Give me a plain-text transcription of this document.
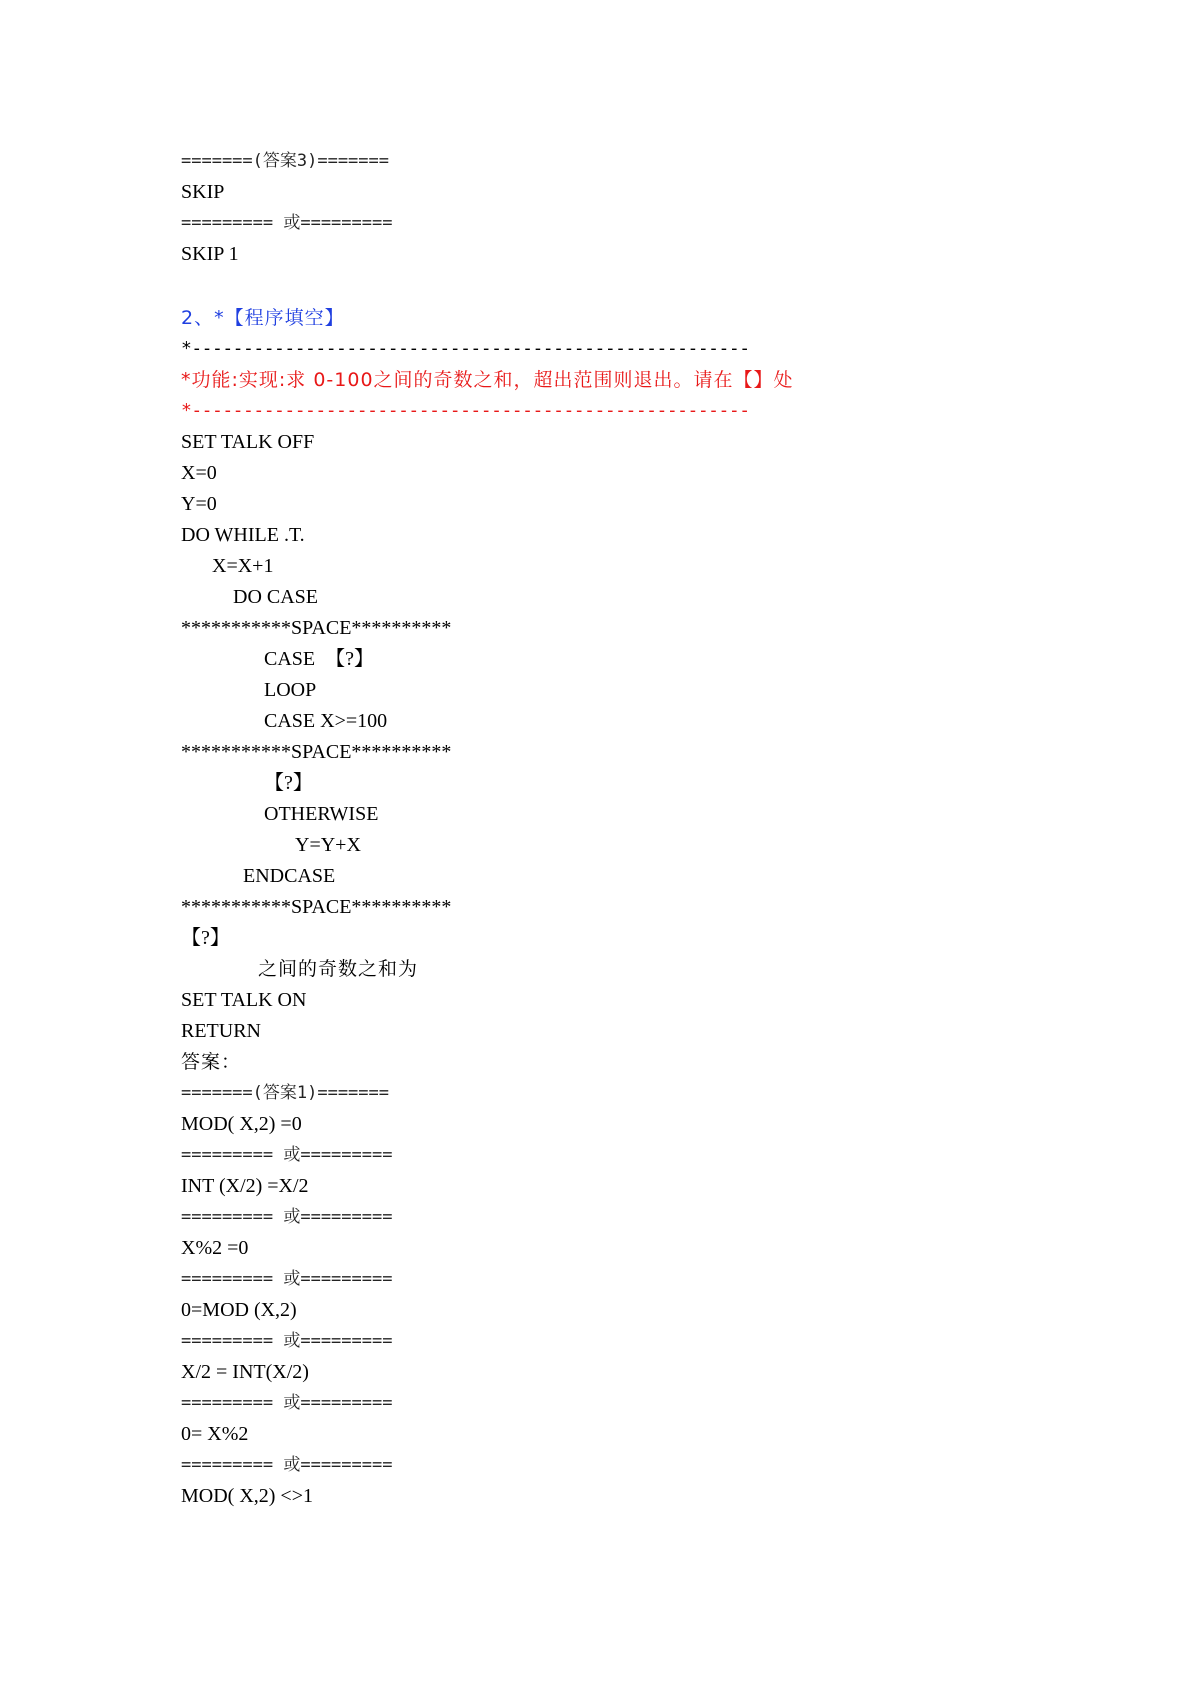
=======(答案3)=======
SKIP
========= 或=========
SKIP 1
2、*【程序填空】
*------------------------------------------------------
*功能:实现:求 0-100之间的奇数之和，超出范围则退出。请在【】处
*------------------------------------------------------
SET TALK OFF
X=0
Y=0
DO WHILE .T.
X=X+1
DO CASE
***********SPACE**********
CASE  【?】
LOOP
CASE X>=100
***********SPACE**********
【?】
OTHERWISE
Y=Y+X
ENDCASE
***********SPACE**********
【?】
之间的奇数之和为
SET TALK ON
RETURN
答案：
=======(答案1)=======
MOD( X,2) =0
========= 或=========
INT (X/2) =X/2
========= 或=========
X%2 =0
========= 或=========
0=MOD (X,2)
========= 或=========
X/2 = INT(X/2)
========= 或=========
0= X%2
========= 或=========
MOD( X,2) <>1
